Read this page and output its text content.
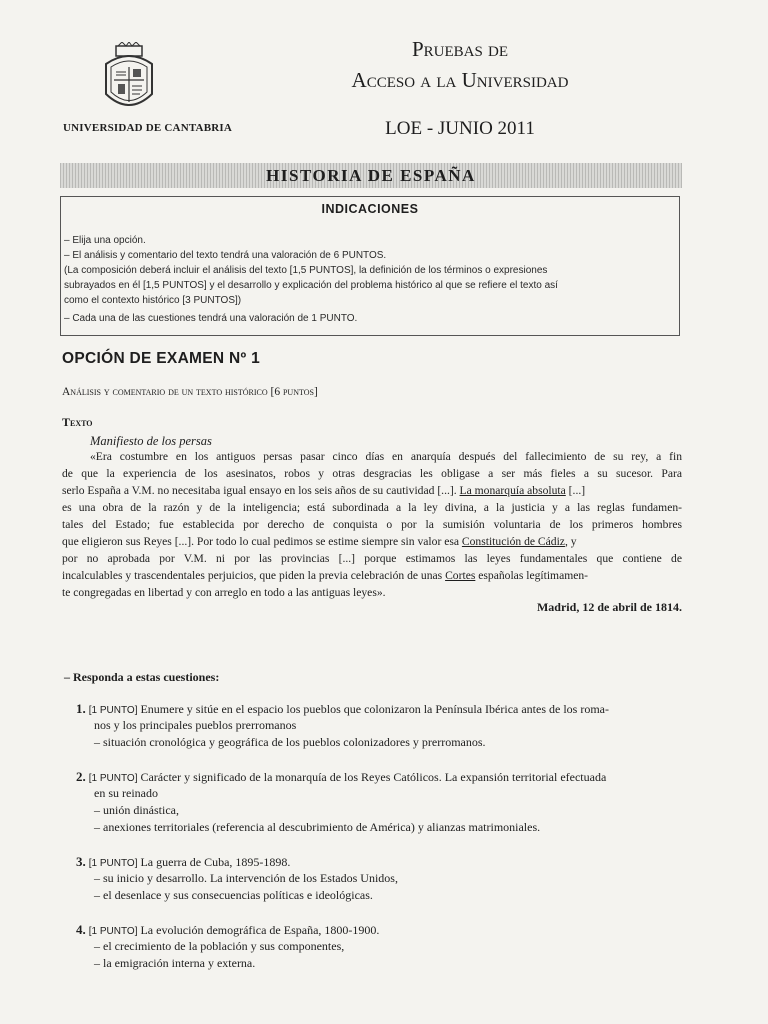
UNIVERSIDAD DE CANTABRIA
Pruebas de
Acceso a la Universidad
LOE - JUNIO 2011
HISTORIA DE ESPAÑA
INDICACIONES
– Elija una opción.
– El análisis y comentario del texto tendrá una valoración de 6 PUNTOS.
(La composición deberá incluir el análisis del texto [1,5 PUNTOS], la definición de los términos o expresiones
subrayados en él [1,5 PUNTOS] y el desarrollo y explicación del problema histórico al que se refiere el texto así
como el contexto histórico [3 PUNTOS])
– Cada una de las cuestiones tendrá una valoración de 1 PUNTO.
OPCIÓN DE EXAMEN Nº 1
Análisis y comentario de un texto histórico [6 puntos]
Texto
Manifiesto de los persas
«Era costumbre en los antiguos persas pasar cinco días en anarquía después del fallecimiento de su rey, a fin
de que la experiencia de los asesinatos, robos y otras desgracias les obligase a ser más fieles a su sucesor. Para
serlo España a V.M. no necesitaba igual ensayo en los seis años de su cautividad [...]. La monarquía absoluta [...]
es una obra de la razón y de la inteligencia; está subordinada a la ley divina, a la justicia y a las reglas fundamen-
tales del Estado; fue establecida por derecho de conquista o por la sumisión voluntaria de los primeros hombres
que eligieron sus Reyes [...]. Por todo lo cual pedimos se estime siempre sin valor esa Constitución de Cádiz, y
por no aprobada por V.M. ni por las provincias [...] porque estimamos las leyes fundamentales que contiene de
incalculables y trascendentales perjuicios, que piden la previa celebración de unas Cortes españolas legítimamen-
te congregadas en libertad y con arreglo en todo a las antiguas leyes».
Madrid, 12 de abril de 1814.
– Responda a estas cuestiones:
1. [1 PUNTO] Enumere y sitúe en el espacio los pueblos que colonizaron la Península Ibérica antes de los roma-
nos y los principales pueblos prerromanos
– situación cronológica y geográfica de los pueblos colonizadores y prerromanos.
2. [1 PUNTO] Carácter y significado de la monarquía de los Reyes Católicos. La expansión territorial efectuada
en su reinado
– unión dinástica,
– anexiones territoriales (referencia al descubrimiento de América) y alianzas matrimoniales.
3. [1 PUNTO] La guerra de Cuba, 1895-1898.
– su inicio y desarrollo. La intervención de los Estados Unidos,
– el desenlace y sus consecuencias políticas e ideológicas.
4. [1 PUNTO] La evolución demográfica de España, 1800-1900.
– el crecimiento de la población y sus componentes,
– la emigración interna y externa.
